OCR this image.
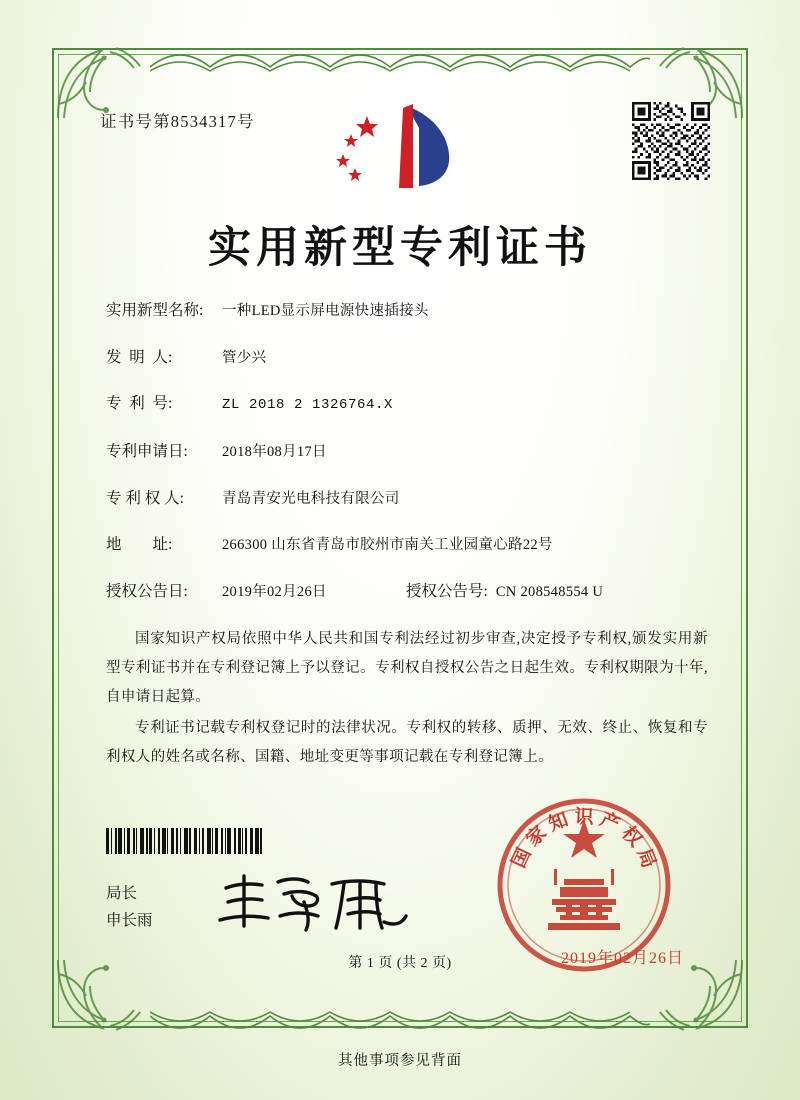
证书号第8534317号
实用新型专利证书
实用新型名称:	一种LED显示屏电源快速插接头
发  明  人:	管少兴
专  利  号:	ZL 2018 2 1326764.X
专利申请日:	2018年08月17日
专 利 权 人:	青岛青安光电科技有限公司
地        址:	266300 山东省青岛市胶州市南关工业园童心路22号
授权公告日:	2019年02月26日	授权公告号: CN 208548554 U

国家知识产权局依照中华人民共和国专利法经过初步审查,决定授予专利权,颁发实用新型专利证书并在专利登记簿上予以登记。专利权自授权公告之日起生效。专利权期限为十年,自申请日起算。

专利证书记载专利权登记时的法律状况。专利权的转移、质押、无效、终止、恢复和专利权人的姓名或名称、国籍、地址变更等事项记载在专利登记簿上。

局长
申长雨
国家知识产权局
2019年02月26日
第 1 页 (共 2 页)
其他事项参见背面
